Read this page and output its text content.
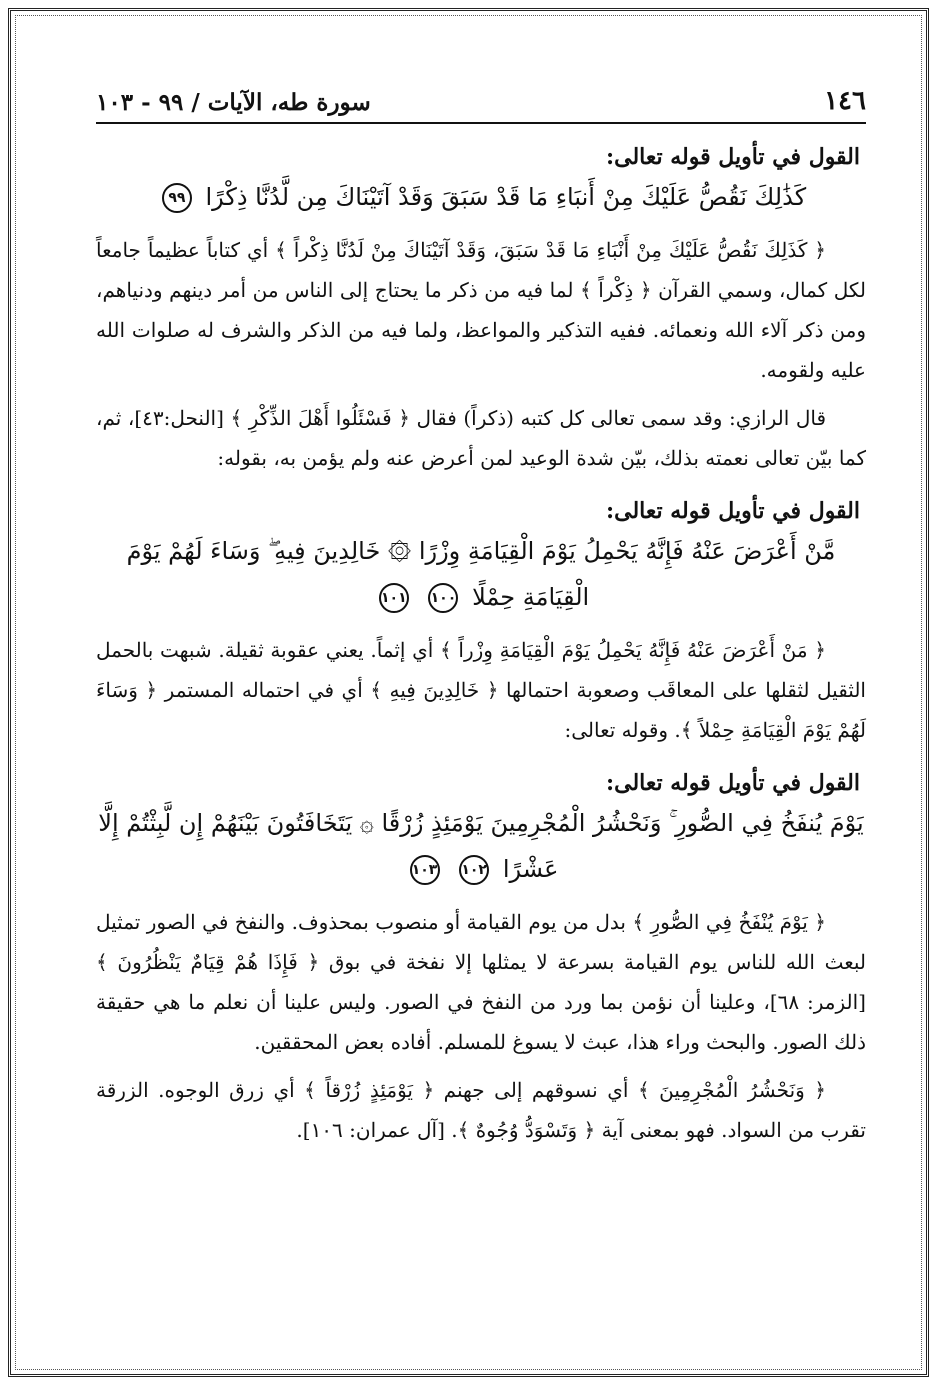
١٤٦
سورة طه، الآيات / ٩٩ - ١٠٣
القول في تأويل قوله تعالى:
كَذَٰلِكَ نَقُصُّ عَلَيْكَ مِنْ أَنبَاءِ مَا قَدْ سَبَقَ وَقَدْ آتَيْنَاكَ مِن لَّدُنَّا ذِكْرًا ٩٩

﴿ كَذَلِكَ نَقُصُّ عَلَيْكَ مِنْ أَنْبَاءِ مَا قَدْ سَبَقَ، وَقَدْ آتَيْنَاكَ مِنْ لَدُنَّا ذِكْراً ﴾ أي كتاباً عظيماً جامعاً لكل كمال، وسمي القرآن ﴿ ذِكْراً ﴾ لما فيه من ذكر ما يحتاج إلى الناس من أمر دينهم ودنياهم، ومن ذكر آلاء الله ونعمائه. ففيه التذكير والمواعظ، ولما فيه من الذكر والشرف له صلوات الله عليه ولقومه.

قال الرازي: وقد سمى تعالى كل كتبه (ذكراً) فقال ﴿ فَسْئَلُوا أَهْلَ الذِّكْرِ ﴾ [النحل:٤٣]، ثم، كما بيّن تعالى نعمته بذلك، بيّن شدة الوعيد لمن أعرض عنه ولم يؤمن به، بقوله:

القول في تأويل قوله تعالى:
مَّنْ أَعْرَضَ عَنْهُ فَإِنَّهُ يَحْمِلُ يَوْمَ الْقِيَامَةِ وِزْرًا ۞ خَالِدِينَ فِيهِ ۖ وَسَاءَ لَهُمْ يَوْمَ الْقِيَامَةِ حِمْلًا ١٠٠ ١٠١

﴿ مَنْ أَعْرَضَ عَنْهُ فَإِنَّهُ يَحْمِلُ يَوْمَ الْقِيَامَةِ وِزْراً ﴾ أي إثماً. يعني عقوبة ثقيلة. شبهت بالحمل الثقيل لثقلها على المعاقَب وصعوبة احتمالها ﴿ خَالِدِينَ فِيهِ ﴾ أي في احتماله المستمر ﴿ وَسَاءَ لَهُمْ يَوْمَ الْقِيَامَةِ حِمْلاً ﴾. وقوله تعالى:

القول في تأويل قوله تعالى:
يَوْمَ يُنفَخُ فِي الصُّورِ ۚ وَنَحْشُرُ الْمُجْرِمِينَ يَوْمَئِذٍ زُرْقًا ۞ يَتَخَافَتُونَ بَيْنَهُمْ إِن لَّبِثْتُمْ إِلَّا عَشْرًا ١٠٢ ١٠٣

﴿ يَوْمَ يُنْفَخُ فِي الصُّورِ ﴾ بدل من يوم القيامة أو منصوب بمحذوف. والنفخ في الصور تمثيل لبعث الله للناس يوم القيامة بسرعة لا يمثلها إلا نفخة في بوق ﴿ فَإِذَا هُمْ قِيَامٌ يَنْظُرُونَ ﴾ [الزمر: ٦٨]، وعلينا أن نؤمن بما ورد من النفخ في الصور. وليس علينا أن نعلم ما هي حقيقة ذلك الصور. والبحث وراء هذا، عبث لا يسوغ للمسلم. أفاده بعض المحققين.

﴿ وَنَحْشُرُ الْمُجْرِمِينَ ﴾ أي نسوقهم إلى جهنم ﴿ يَوْمَئِذٍ زُرْقاً ﴾ أي زرق الوجوه. الزرقة تقرب من السواد. فهو بمعنى آية ﴿ وَتَسْوَدُّ وُجُوهٌ ﴾. [آل عمران: ١٠٦].
